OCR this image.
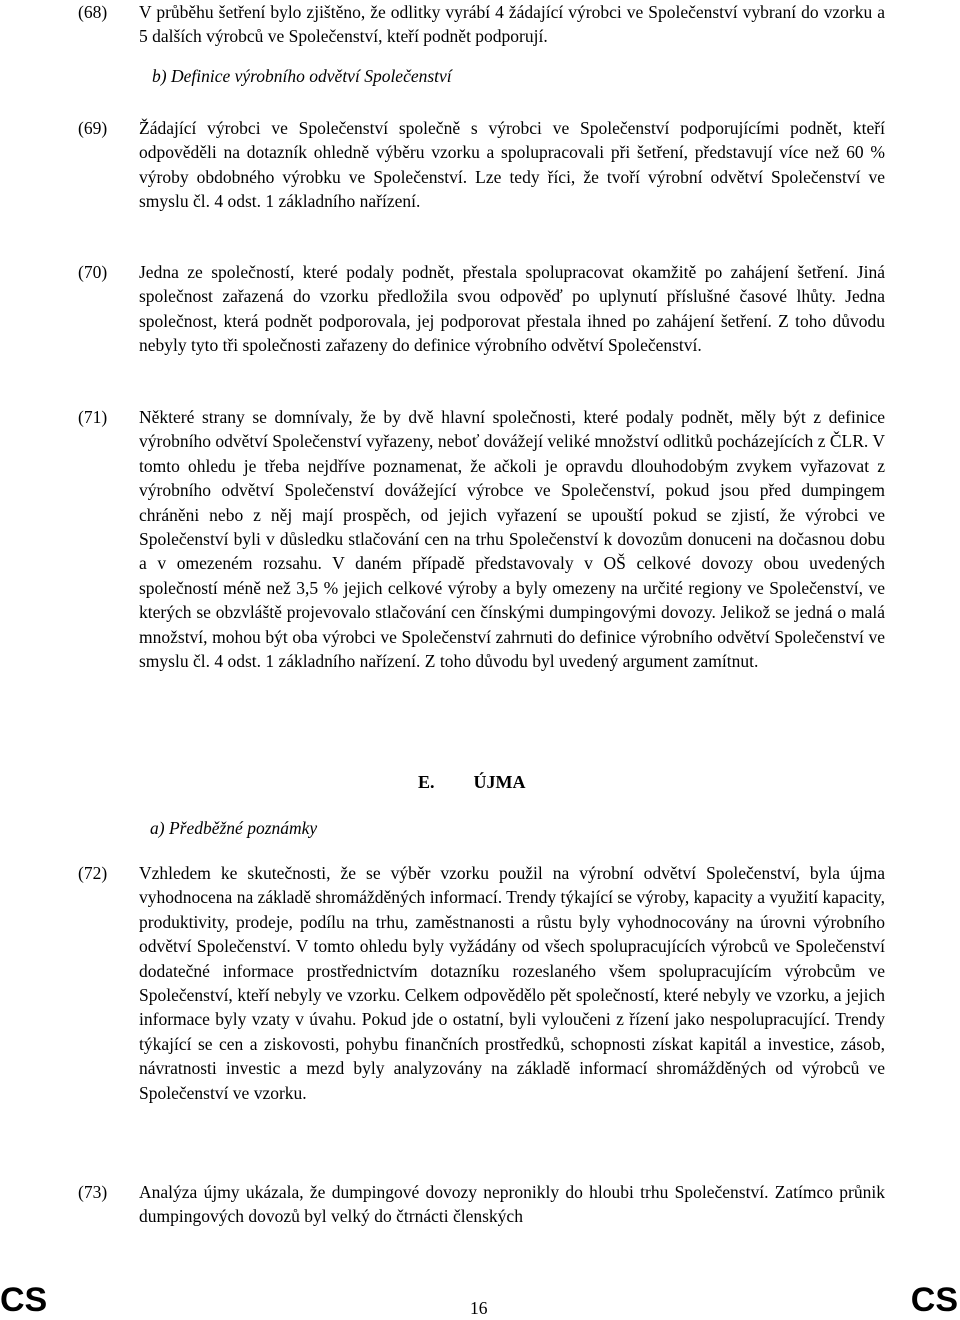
(68) V průběhu šetření bylo zjištěno, že odlitky vyrábí 4 žádající výrobci ve Společenství vybraní do vzorku a 5 dalších výrobců ve Společenství, kteří podnět podporují.
b) Definice výrobního odvětví Společenství
(69) Žádající výrobci ve Společenství společně s výrobci ve Společenství podporujícími podnět, kteří odpověděli na dotazník ohledně výběru vzorku a spolupracovali při šetření, představují více než 60 % výroby obdobného výrobku ve Společenství. Lze tedy říci, že tvoří výrobní odvětví Společenství ve smyslu čl. 4 odst. 1 základního nařízení.
(70) Jedna ze společností, které podaly podnět, přestala spolupracovat okamžitě po zahájení šetření. Jiná společnost zařazená do vzorku předložila svou odpověď po uplynutí příslušné časové lhůty. Jedna společnost, která podnět podporovala, jej podporovat přestala ihned po zahájení šetření. Z toho důvodu nebyly tyto tři společnosti zařazeny do definice výrobního odvětví Společenství.
(71) Některé strany se domnívaly, že by dvě hlavní společnosti, které podaly podnět, měly být z definice výrobního odvětví Společenství vyřazeny, neboť dovážejí veliké množství odlitků pocházejících z ČLR. V tomto ohledu je třeba nejdříve poznamenat, že ačkoli je opravdu dlouhodobým zvykem vyřazovat z výrobního odvětví Společenství dovážející výrobce ve Společenství, pokud jsou před dumpingem chráněni nebo z něj mají prospěch, od jejich vyřazení se upouští pokud se zjistí, že výrobci ve Společenství byli v důsledku stlačování cen na trhu Společenství k dovozům donuceni na dočasnou dobu a v omezeném rozsahu. V daném případě představovaly v OŠ celkové dovozy obou uvedených společností méně než 3,5 % jejich celkové výroby a byly omezeny na určité regiony ve Společenství, ve kterých se obzvláště projevovalo stlačování cen čínskými dumpingovými dovozy. Jelikož se jedná o malá množství, mohou být oba výrobci ve Společenství zahrnuti do definice výrobního odvětví Společenství ve smyslu čl. 4 odst. 1 základního nařízení. Z toho důvodu byl uvedený argument zamítnut.
E. ÚJMA
a) Předběžné poznámky
(72) Vzhledem ke skutečnosti, že se výběr vzorku použil na výrobní odvětví Společenství, byla újma vyhodnocena na základě shromážděných informací. Trendy týkající se výroby, kapacity a využití kapacity, produktivity, prodeje, podílu na trhu, zaměstnanosti a růstu byly vyhodnocovány na úrovni výrobního odvětví Společenství. V tomto ohledu byly vyžádány od všech spolupracujících výrobců ve Společenství dodatečné informace prostřednictvím dotazníku rozeslaného všem spolupracujícím výrobcům ve Společenství, kteří nebyly ve vzorku. Celkem odpovědělo pět společností, které nebyly ve vzorku, a jejich informace byly vzaty v úvahu. Pokud jde o ostatní, byli vyloučeni z řízení jako nespolupracující. Trendy týkající se cen a ziskovosti, pohybu finančních prostředků, schopnosti získat kapitál a investice, zásob, návratnosti investic a mezd byly analyzovány na základě informací shromážděných od výrobců ve Společenství ve vzorku.
(73) Analýza újmy ukázala, že dumpingové dovozy nepronikly do hloubi trhu Společenství. Zatímco průnik dumpingových dovozů byl velký do čtrnácti členských
CS	16	CS
